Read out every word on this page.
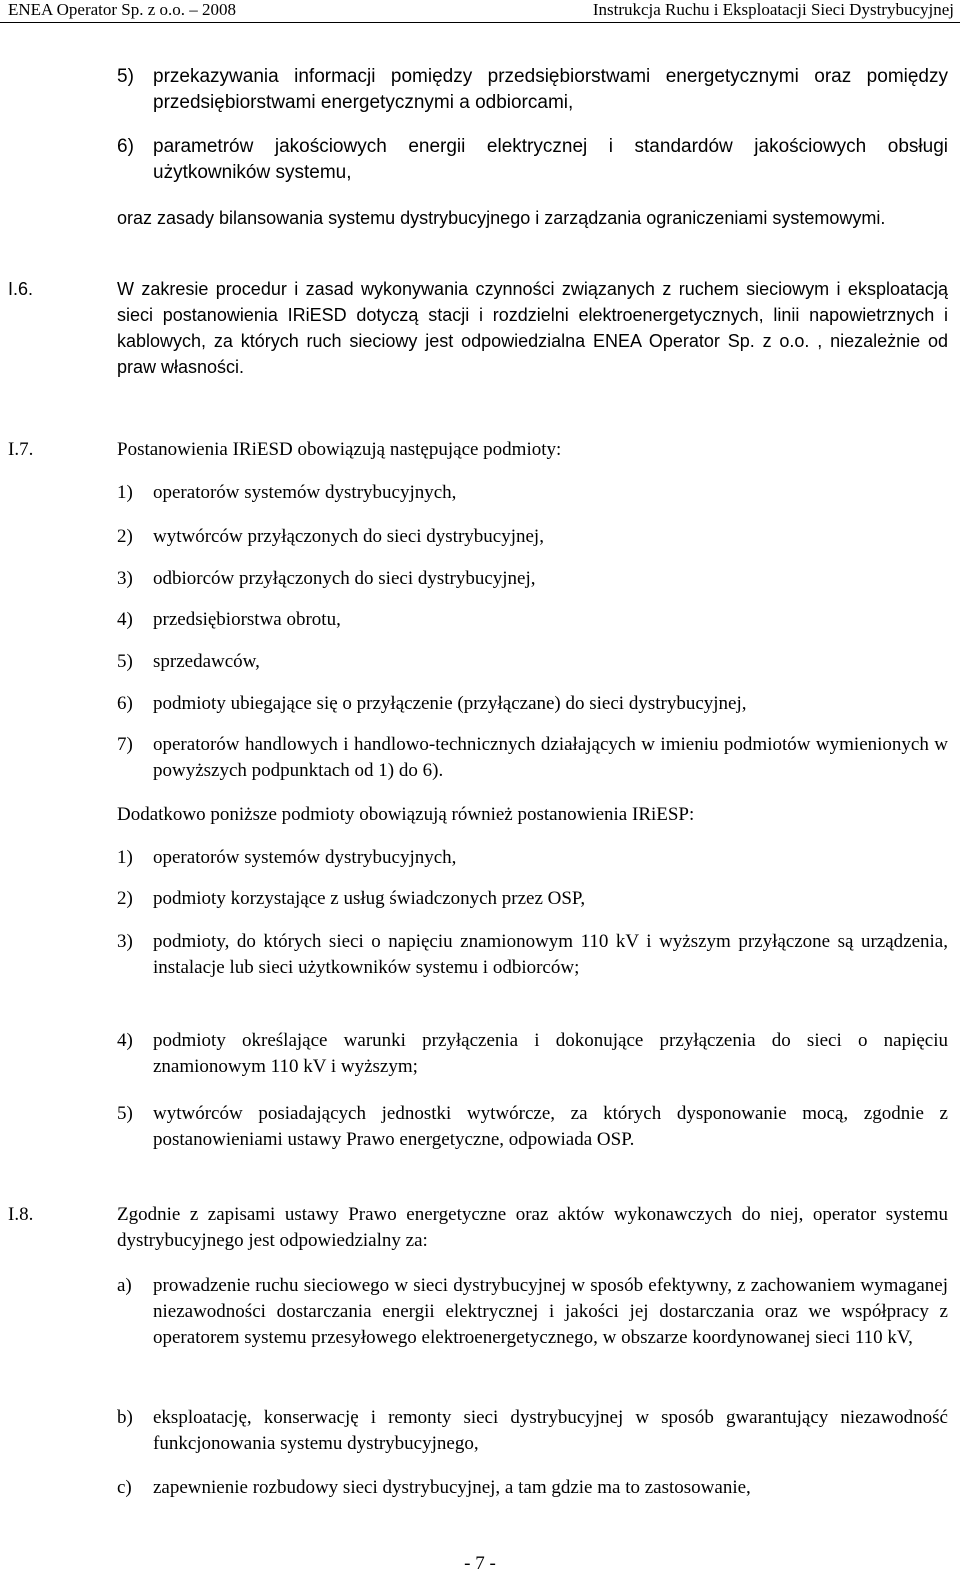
ENEA Operator Sp. z o.o. – 2008	Instrukcja Ruchu i Eksploatacji Sieci Dystrybucyjnej
5) przekazywania informacji pomiędzy przedsiębiorstwami energetycznymi oraz pomiędzy przedsiębiorstwami energetycznymi a odbiorcami,
6) parametrów jakościowych energii elektrycznej i standardów jakościowych obsługi użytkowników systemu,
oraz zasady bilansowania systemu dystrybucyjnego i zarządzania ograniczeniami systemowymi.
I.6.	W zakresie procedur i zasad wykonywania czynności związanych z ruchem sieciowym i eksploatacją sieci postanowienia IRiESD dotyczą stacji i rozdzielni elektroenergetycznych, linii napowietrznych i kablowych, za których ruch sieciowy jest odpowiedzialna ENEA Operator Sp. z o.o. , niezależnie od praw własności.
I.7.	Postanowienia IRiESD obowiązują następujące podmioty:
1) operatorów systemów dystrybucyjnych,
2) wytwórców przyłączonych do sieci dystrybucyjnej,
3) odbiorców przyłączonych do sieci dystrybucyjnej,
4) przedsiębiorstwa obrotu,
5) sprzedawców,
6) podmioty ubiegające się o przyłączenie (przyłączane) do sieci dystrybucyjnej,
7) operatorów handlowych i handlowo-technicznych działających w imieniu podmiotów wymienionych w powyższych podpunktach od 1) do 6).
Dodatkowo poniższe podmioty obowiązują również postanowienia IRiESP:
1) operatorów systemów dystrybucyjnych,
2) podmioty korzystające z usług świadczonych przez OSP,
3) podmioty, do których sieci o napięciu znamionowym 110 kV i wyższym przyłączone są urządzenia, instalacje lub sieci użytkowników systemu i odbiorców;
4) podmioty określające warunki przyłączenia i dokonujące przyłączenia do sieci o napięciu znamionowym 110 kV i wyższym;
5) wytwórców posiadających jednostki wytwórcze, za których dysponowanie mocą, zgodnie z postanowieniami ustawy Prawo energetyczne, odpowiada OSP.
I.8.	Zgodnie z zapisami ustawy Prawo energetyczne oraz aktów wykonawczych do niej, operator systemu dystrybucyjnego jest odpowiedzialny za:
a) prowadzenie ruchu sieciowego w sieci dystrybucyjnej w sposób efektywny, z zachowaniem wymaganej niezawodności dostarczania energii elektrycznej i jakości jej dostarczania oraz we współpracy z operatorem systemu przesyłowego elektroenergetycznego, w obszarze koordynowanej sieci 110 kV,
b) eksploatację, konserwację i remonty sieci dystrybucyjnej w sposób gwarantujący niezawodność funkcjonowania systemu dystrybucyjnego,
c) zapewnienie rozbudowy sieci dystrybucyjnej, a tam gdzie ma to zastosowanie,
- 7 -
